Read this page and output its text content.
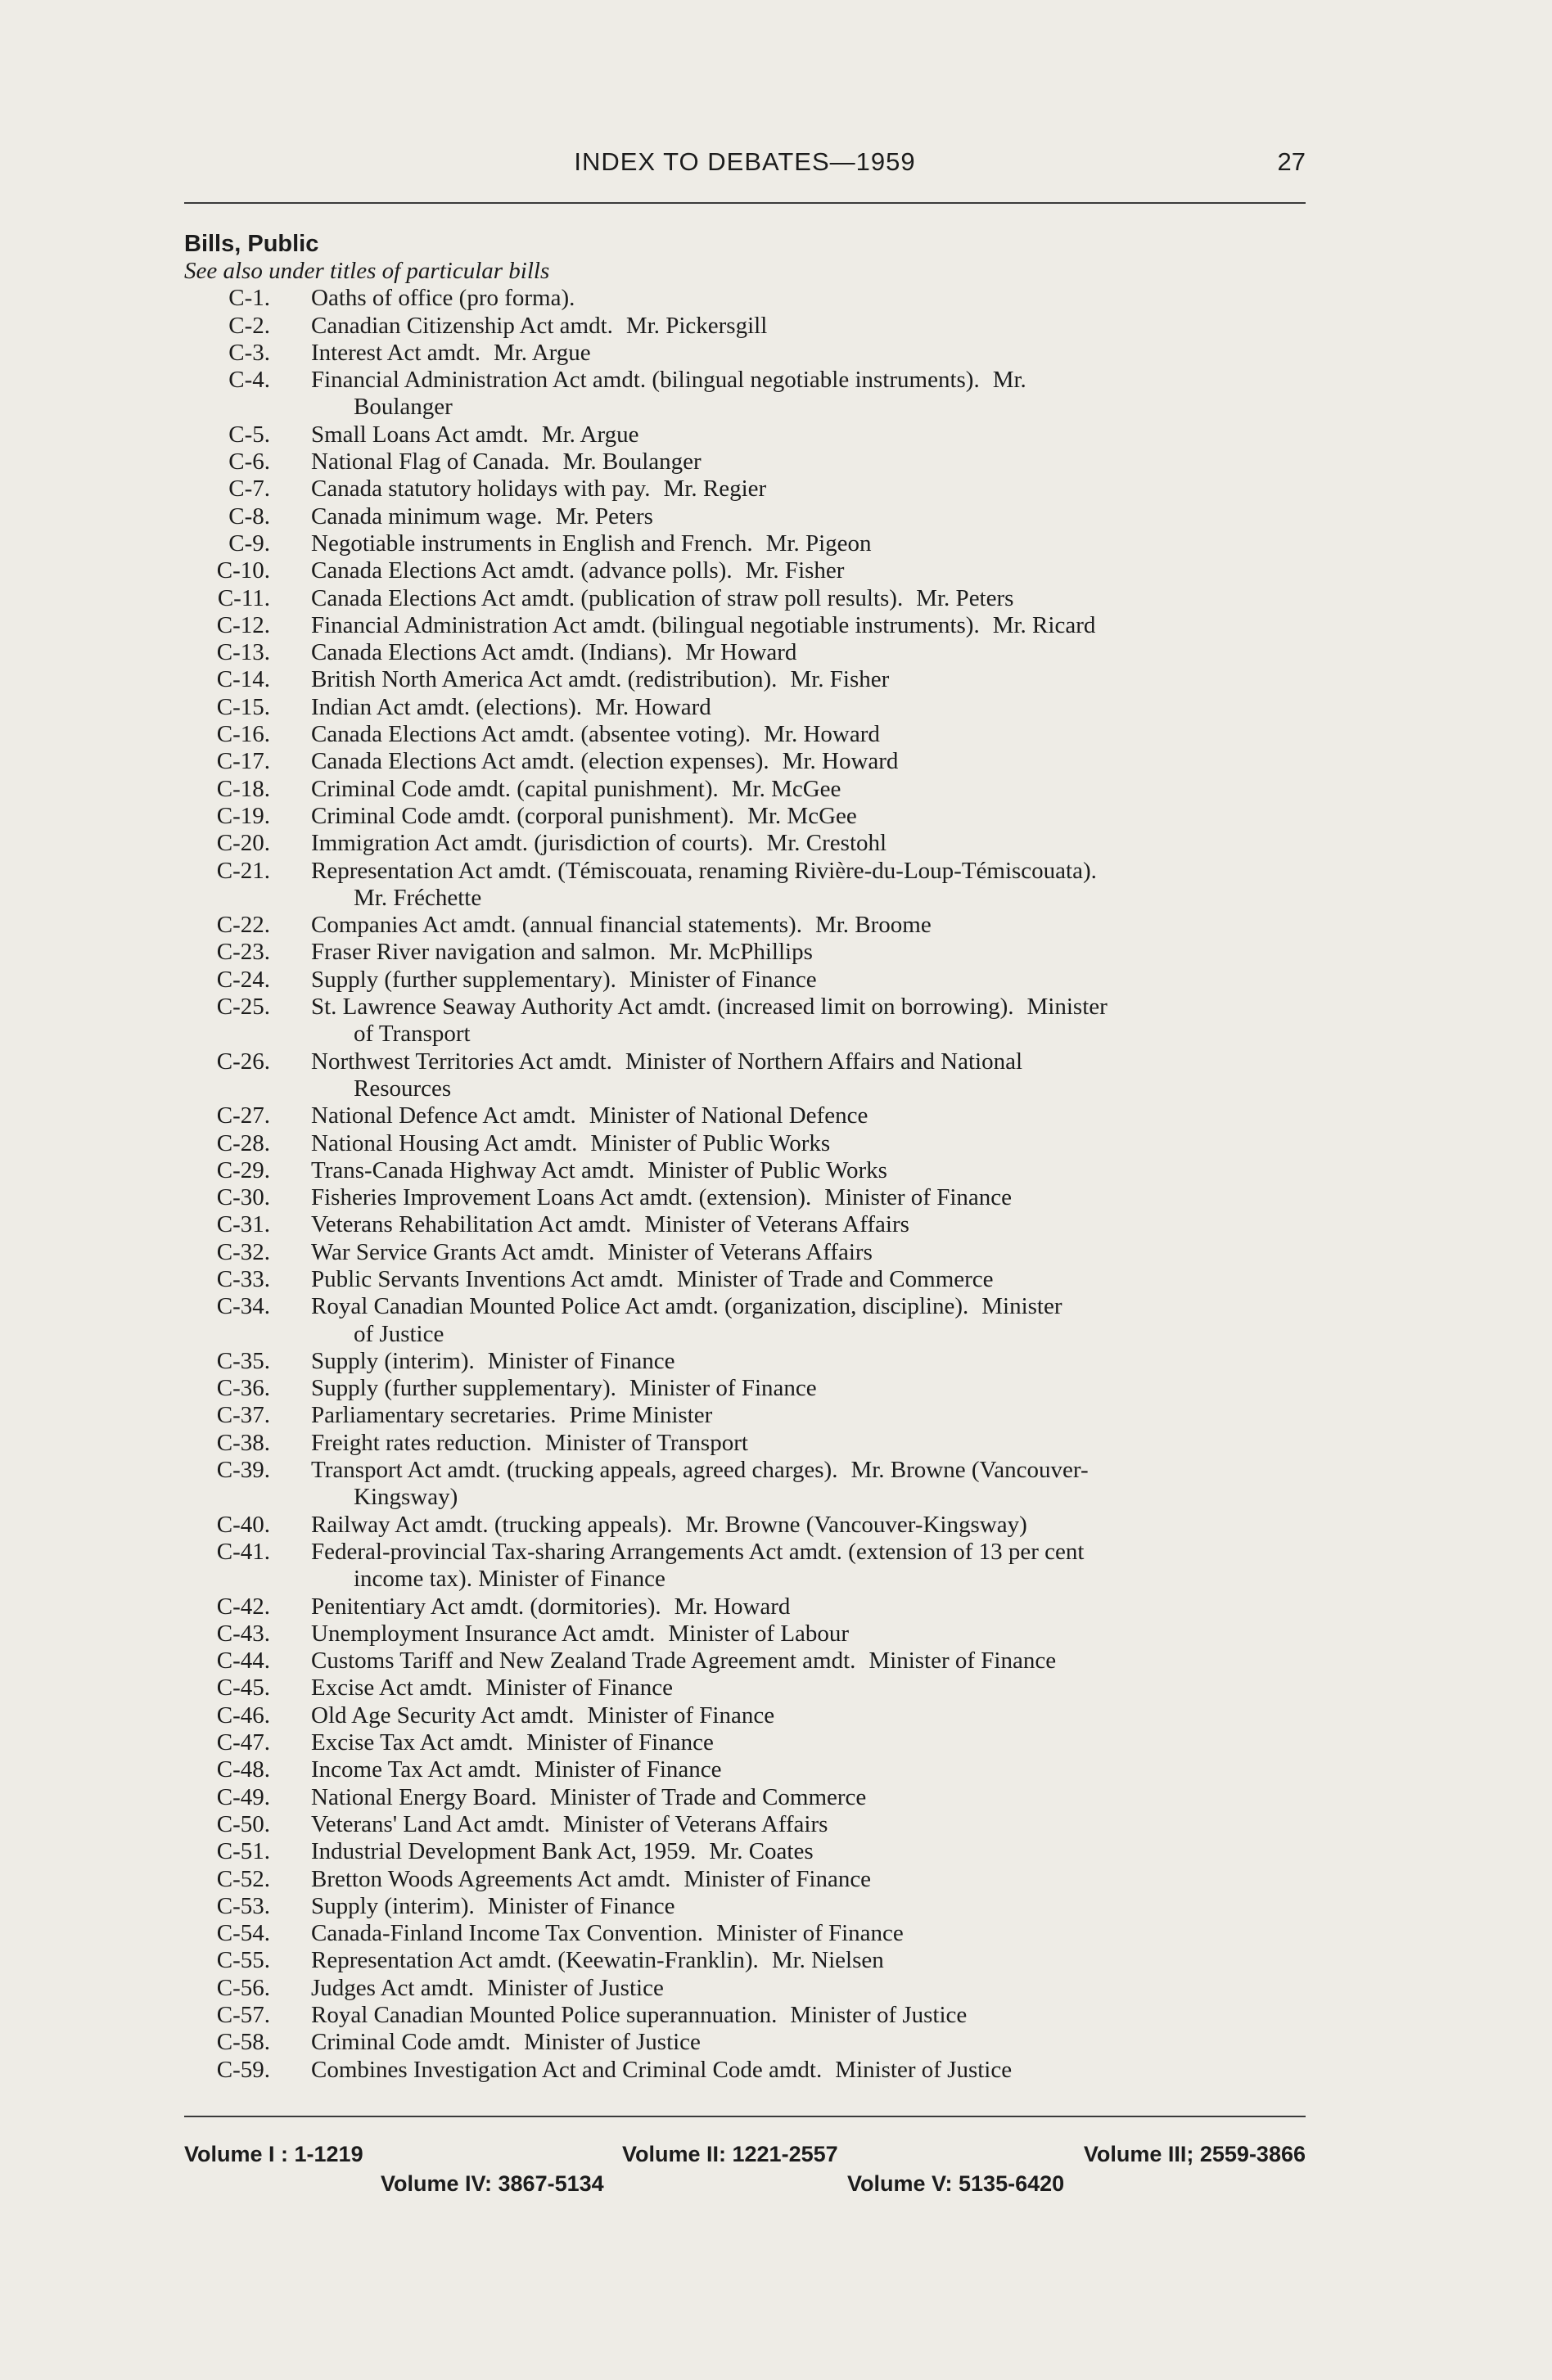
INDEX TO DEBATES—1959	27

Bills, Public

See also under titles of particular bills

C-1. Oaths of office (pro forma).
C-2. Canadian Citizenship Act amdt. Mr. Pickersgill
C-3. Interest Act amdt. Mr. Argue
C-4. Financial Administration Act amdt. (bilingual negotiable instruments). Mr.
Boulanger
C-5. Small Loans Act amdt. Mr. Argue
C-6. National Flag of Canada. Mr. Boulanger
C-7. Canada statutory holidays with pay. Mr. Regier
C-8. Canada minimum wage. Mr. Peters
C-9. Negotiable instruments in English and French. Mr. Pigeon
C-10. Canada Elections Act amdt. (advance polls). Mr. Fisher
C-11. Canada Elections Act amdt. (publication of straw poll results). Mr. Peters
C-12. Financial Administration Act amdt. (bilingual negotiable instruments). Mr. Ricard
C-13. Canada Elections Act amdt. (Indians). Mr Howard
C-14. British North America Act amdt. (redistribution). Mr. Fisher
C-15. Indian Act amdt. (elections). Mr. Howard
C-16. Canada Elections Act amdt. (absentee voting). Mr. Howard
C-17. Canada Elections Act amdt. (election expenses). Mr. Howard
C-18. Criminal Code amdt. (capital punishment). Mr. McGee
C-19. Criminal Code amdt. (corporal punishment). Mr. McGee
C-20. Immigration Act amdt. (jurisdiction of courts). Mr. Crestohl
C-21. Representation Act amdt. (Témiscouata, renaming Rivière-du-Loup-Témiscouata).
Mr. Fréchette
C-22. Companies Act amdt. (annual financial statements). Mr. Broome
C-23. Fraser River navigation and salmon. Mr. McPhillips
C-24. Supply (further supplementary). Minister of Finance
C-25. St. Lawrence Seaway Authority Act amdt. (increased limit on borrowing). Minister
of Transport
C-26. Northwest Territories Act amdt. Minister of Northern Affairs and National
Resources
C-27. National Defence Act amdt. Minister of National Defence
C-28. National Housing Act amdt. Minister of Public Works
C-29. Trans-Canada Highway Act amdt. Minister of Public Works
C-30. Fisheries Improvement Loans Act amdt. (extension). Minister of Finance
C-31. Veterans Rehabilitation Act amdt. Minister of Veterans Affairs
C-32. War Service Grants Act amdt. Minister of Veterans Affairs
C-33. Public Servants Inventions Act amdt. Minister of Trade and Commerce
C-34. Royal Canadian Mounted Police Act amdt. (organization, discipline). Minister
of Justice
C-35. Supply (interim). Minister of Finance
C-36. Supply (further supplementary). Minister of Finance
C-37. Parliamentary secretaries. Prime Minister
C-38. Freight rates reduction. Minister of Transport
C-39. Transport Act amdt. (trucking appeals, agreed charges). Mr. Browne (Vancouver-
Kingsway)
C-40. Railway Act amdt. (trucking appeals). Mr. Browne (Vancouver-Kingsway)
C-41. Federal-provincial Tax-sharing Arrangements Act amdt. (extension of 13 per cent
income tax). Minister of Finance
C-42. Penitentiary Act amdt. (dormitories). Mr. Howard
C-43. Unemployment Insurance Act amdt. Minister of Labour
C-44. Customs Tariff and New Zealand Trade Agreement amdt. Minister of Finance
C-45. Excise Act amdt. Minister of Finance
C-46. Old Age Security Act amdt. Minister of Finance
C-47. Excise Tax Act amdt. Minister of Finance
C-48. Income Tax Act amdt. Minister of Finance
C-49. National Energy Board. Minister of Trade and Commerce
C-50. Veterans' Land Act amdt. Minister of Veterans Affairs
C-51. Industrial Development Bank Act, 1959. Mr. Coates
C-52. Bretton Woods Agreements Act amdt. Minister of Finance
C-53. Supply (interim). Minister of Finance
C-54. Canada-Finland Income Tax Convention. Minister of Finance
C-55. Representation Act amdt. (Keewatin-Franklin). Mr. Nielsen
C-56. Judges Act amdt. Minister of Justice
C-57. Royal Canadian Mounted Police superannuation. Minister of Justice
C-58. Criminal Code amdt. Minister of Justice
C-59. Combines Investigation Act and Criminal Code amdt. Minister of Justice
Volume I : 1-1219	Volume II: 1221-2557	Volume III; 2559-3866
Volume IV: 3867-5134	Volume V: 5135-6420
